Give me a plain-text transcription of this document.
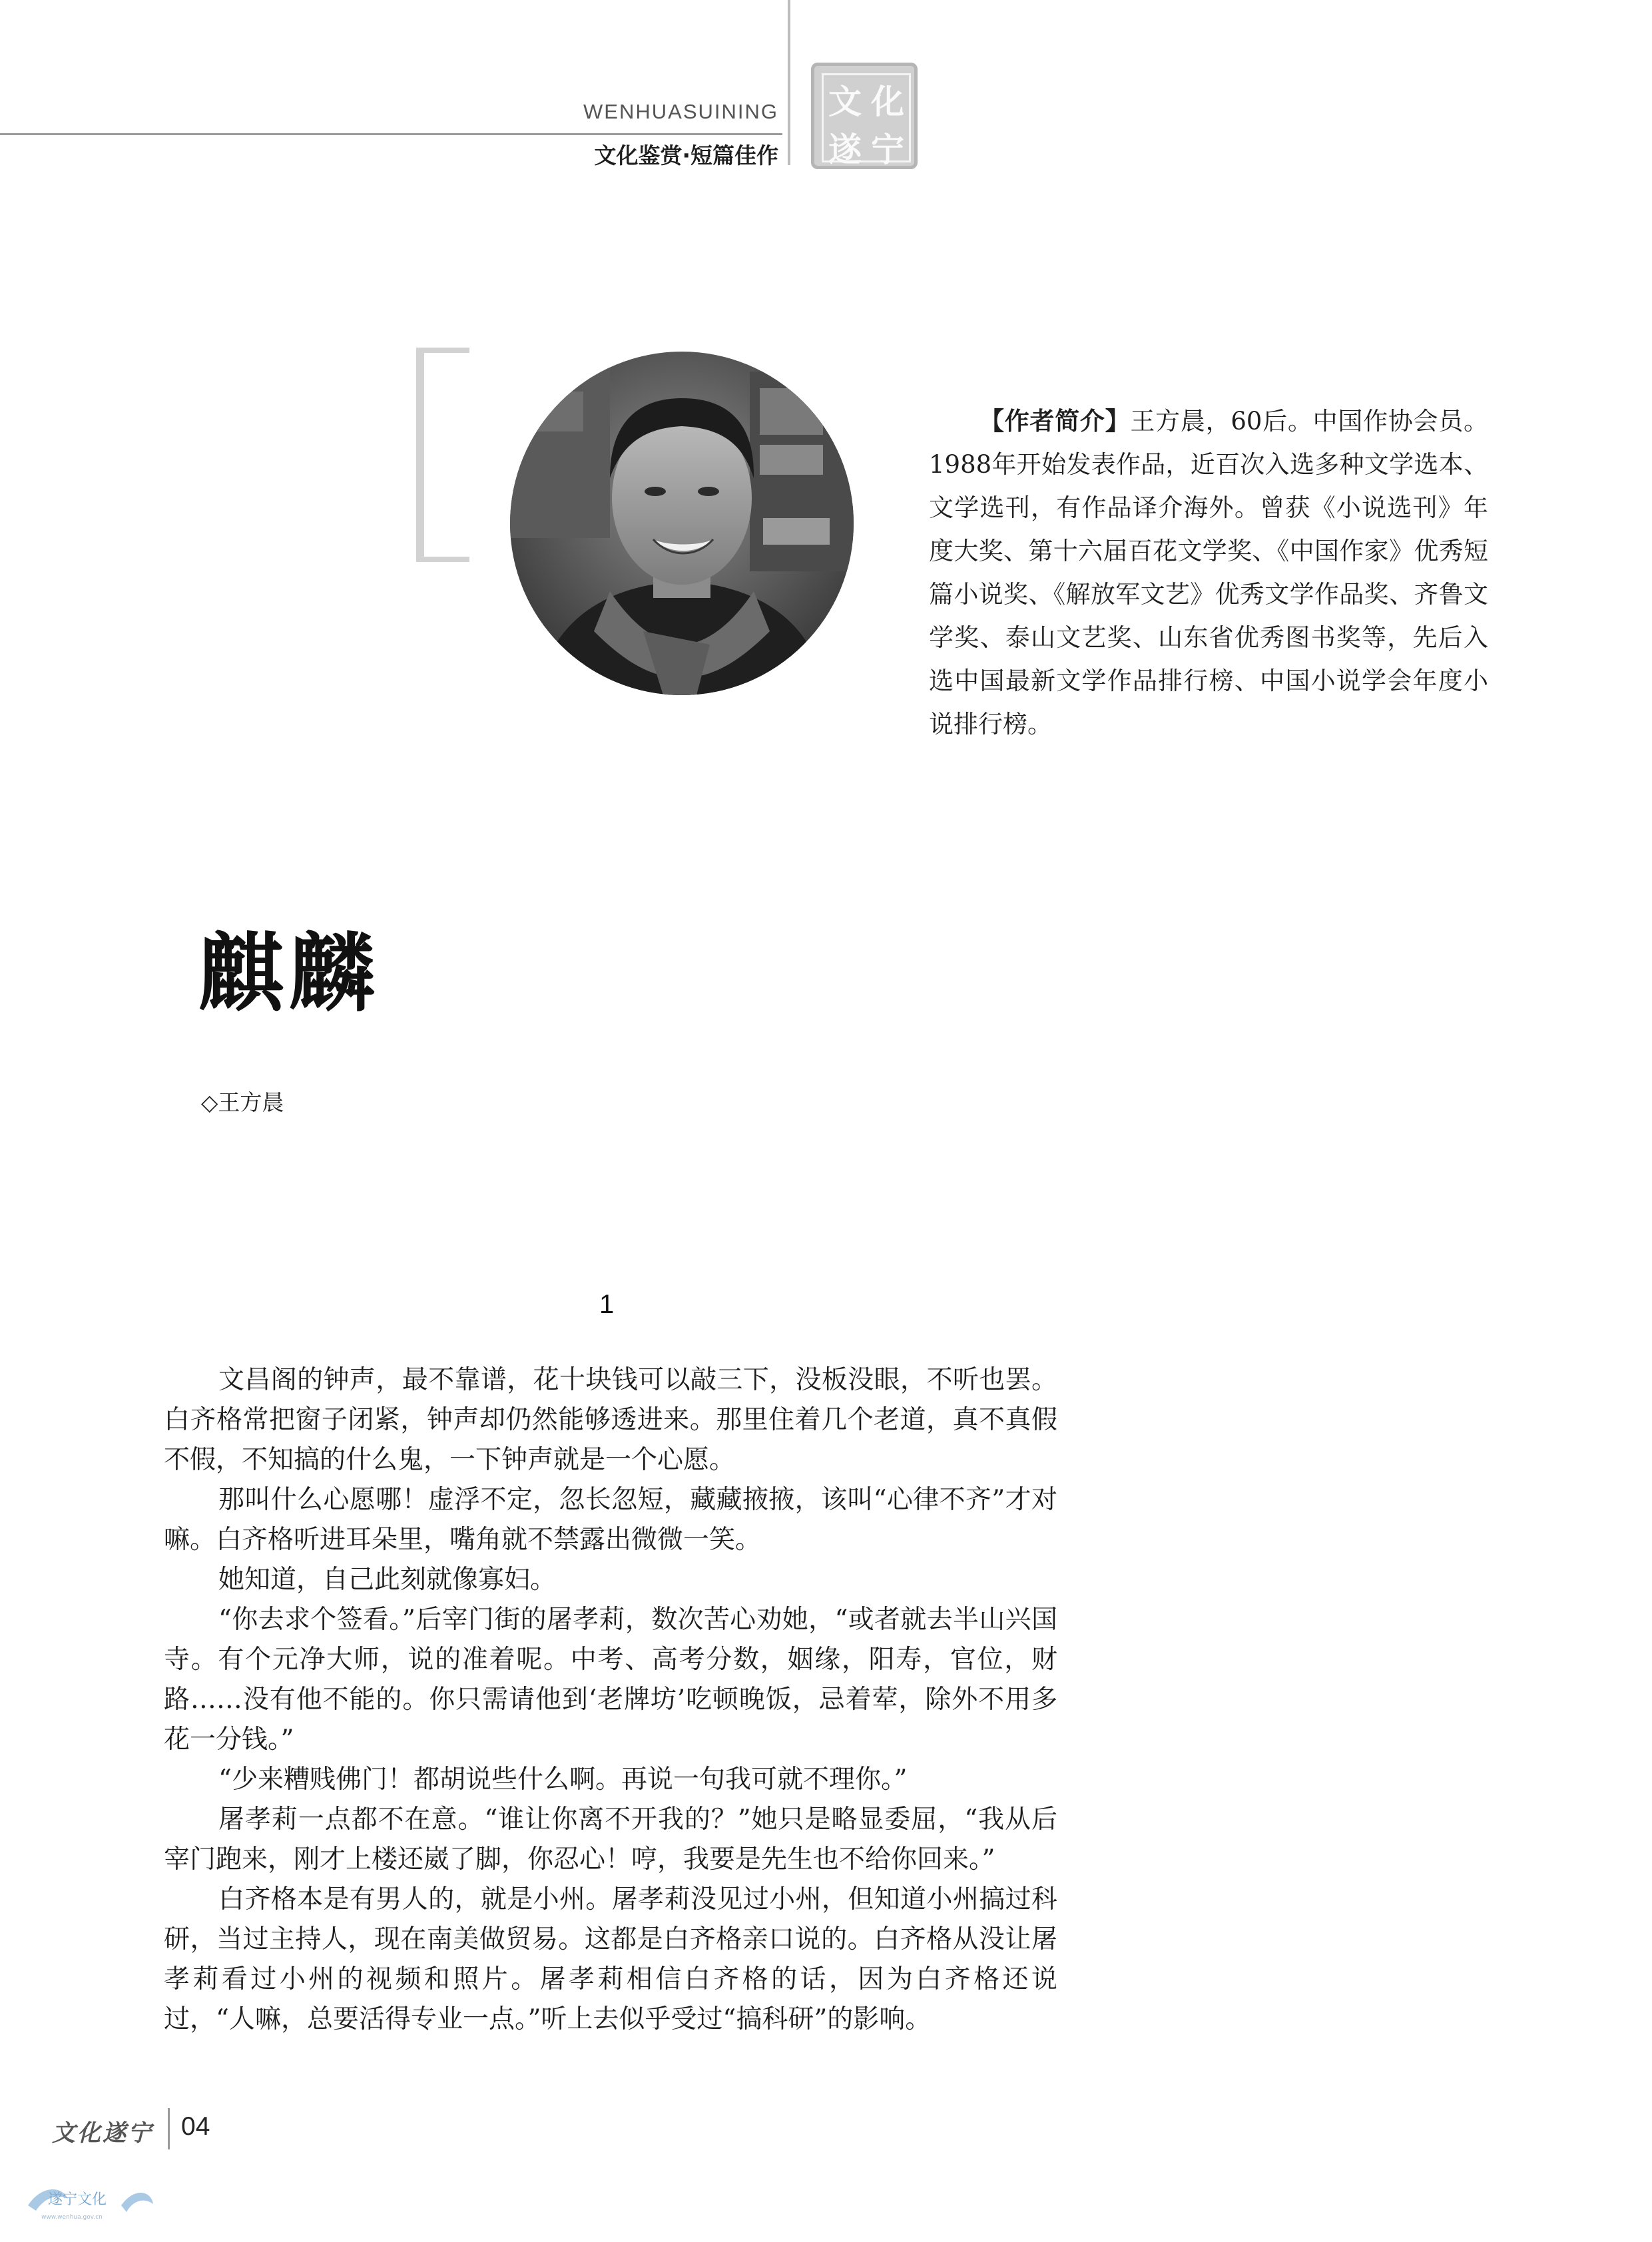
WENHUASUINING
文化鉴赏·短篇佳作
文 化
遂 宁
【作者简介】王方晨，60后。中国作协会员。1988年开始发表作品，近百次入选多种文学选本、文学选刊，有作品译介海外。曾获《小说选刊》年度大奖、第十六届百花文学奖、《中国作家》优秀短篇小说奖、《解放军文艺》优秀文学作品奖、齐鲁文学奖、泰山文艺奖、山东省优秀图书奖等，先后入选中国最新文学作品排行榜、中国小说学会年度小说排行榜。
麒麟
◇王方晨
1

文昌阁的钟声，最不靠谱，花十块钱可以敲三下，没板没眼，不听也罢。白齐格常把窗子闭紧，钟声却仍然能够透进来。那里住着几个老道，真不真假不假，不知搞的什么鬼，一下钟声就是一个心愿。

那叫什么心愿哪！虚浮不定，忽长忽短，藏藏掖掖，该叫“心律不齐”才对嘛。白齐格听进耳朵里，嘴角就不禁露出微微一笑。

她知道，自己此刻就像寡妇。

“你去求个签看。”后宰门街的屠孝莉，数次苦心劝她，“或者就去半山兴国寺。有个元净大师，说的准着呢。中考、高考分数，姻缘，阳寿，官位，财路……没有他不能的。你只需请他到‘老牌坊’吃顿晚饭，忌着荤，除外不用多花一分钱。”

“少来糟贱佛门！都胡说些什么啊。再说一句我可就不理你。”

屠孝莉一点都不在意。“谁让你离不开我的？”她只是略显委屈，“我从后宰门跑来，刚才上楼还崴了脚，你忍心！哼，我要是先生也不给你回来。”

白齐格本是有男人的，就是小州。屠孝莉没见过小州，但知道小州搞过科研，当过主持人，现在南美做贸易。这都是白齐格亲口说的。白齐格从没让屠孝莉看过小州的视频和照片。屠孝莉相信白齐格的话，因为白齐格还说过，“人嘛，总要活得专业一点。”听上去似乎受过“搞科研”的影响。

文化遂宁 04
遂宁文化
www.wenhua.gov.cn
